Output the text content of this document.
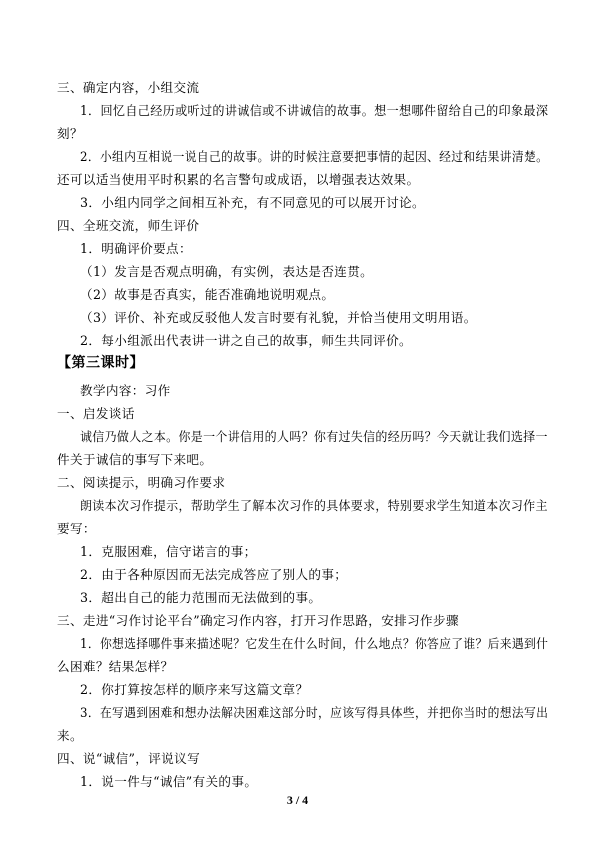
三、确定内容，小组交流
1．回忆自己经历或听过的讲诚信或不讲诚信的故事。想一想哪件留给自己的印象最深
刻？
2．小组内互相说一说自己的故事。讲的时候注意要把事情的起因、经过和结果讲清楚。
还可以适当使用平时积累的名言警句或成语，以增强表达效果。
3．小组内同学之间相互补充，有不同意见的可以展开讨论。
四、全班交流，师生评价
1．明确评价要点：
（1）发言是否观点明确，有实例，表达是否连贯。
（2）故事是否真实，能否准确地说明观点。
（3）评价、补充或反驳他人发言时要有礼貌，并恰当使用文明用语。
2．每小组派出代表讲一讲之自己的故事，师生共同评价。
【第三课时】
教学内容：习作
一、启发谈话
诚信乃做人之本。你是一个讲信用的人吗？你有过失信的经历吗？今天就让我们选择一
件关于诚信的事写下来吧。
二、阅读提示，明确习作要求
朗读本次习作提示，帮助学生了解本次习作的具体要求，特别要求学生知道本次习作主
要写：
1．克服困难，信守诺言的事；
2．由于各种原因而无法完成答应了别人的事；
3．超出自己的能力范围而无法做到的事。
三、走进“习作讨论平台”确定习作内容，打开习作思路，安排习作步骤
1．你想选择哪件事来描述呢？它发生在什么时间，什么地点？你答应了谁？后来遇到什
么困难？结果怎样？
2．你打算按怎样的顺序来写这篇文章？
3．在写遇到困难和想办法解决困难这部分时，应该写得具体些，并把你当时的想法写出
来。
四、说“诚信”，评说议写
1．说一件与“诚信”有关的事。
3 / 4
